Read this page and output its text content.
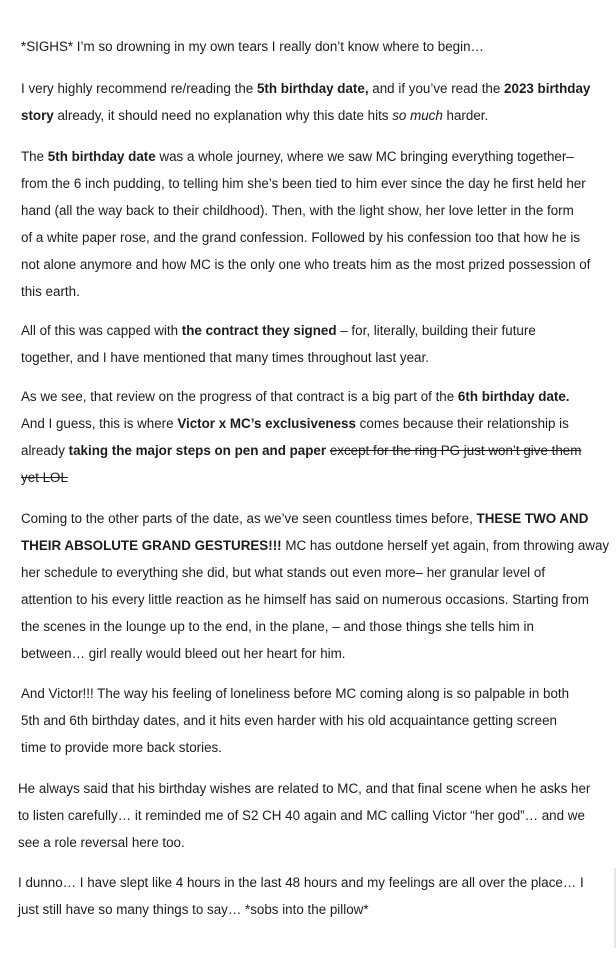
*SIGHS* I’m so drowning in my own tears I really don’t know where to begin…

I very highly recommend re/reading the 5th birthday date, and if you’ve read the 2023 birthday
story already, it should need no explanation why this date hits so much harder.

The 5th birthday date was a whole journey, where we saw MC bringing everything together–
from the 6 inch pudding, to telling him she’s been tied to him ever since the day he first held her
hand (all the way back to their childhood). Then, with the light show, her love letter in the form
of a white paper rose, and the grand confession. Followed by his confession too that how he is
not alone anymore and how MC is the only one who treats him as the most prized possession of
this earth.

All of this was capped with the contract they signed – for, literally, building their future
together, and I have mentioned that many times throughout last year.

As we see, that review on the progress of that contract is a big part of the 6th birthday date.
And I guess, this is where Victor x MC’s exclusiveness comes because their relationship is
already taking the major steps on pen and paper except for the ring PG just won’t give them
yet LOL

Coming to the other parts of the date, as we’ve seen countless times before, THESE TWO AND
THEIR ABSOLUTE GRAND GESTURES!!! MC has outdone herself yet again, from throwing away
her schedule to everything she did, but what stands out even more– her granular level of
attention to his every little reaction as he himself has said on numerous occasions. Starting from
the scenes in the lounge up to the end, in the plane, – and those things she tells him in
between… girl really would bleed out her heart for him.

And Victor!!! The way his feeling of loneliness before MC coming along is so palpable in both
5th and 6th birthday dates, and it hits even harder with his old acquaintance getting screen
time to provide more back stories.

He always said that his birthday wishes are related to MC, and that final scene when he asks her
to listen carefully… it reminded me of S2 CH 40 again and MC calling Victor “her god”… and we
see a role reversal here too.

I dunno… I have slept like 4 hours in the last 48 hours and my feelings are all over the place… I
just still have so many things to say… *sobs into the pillow*
